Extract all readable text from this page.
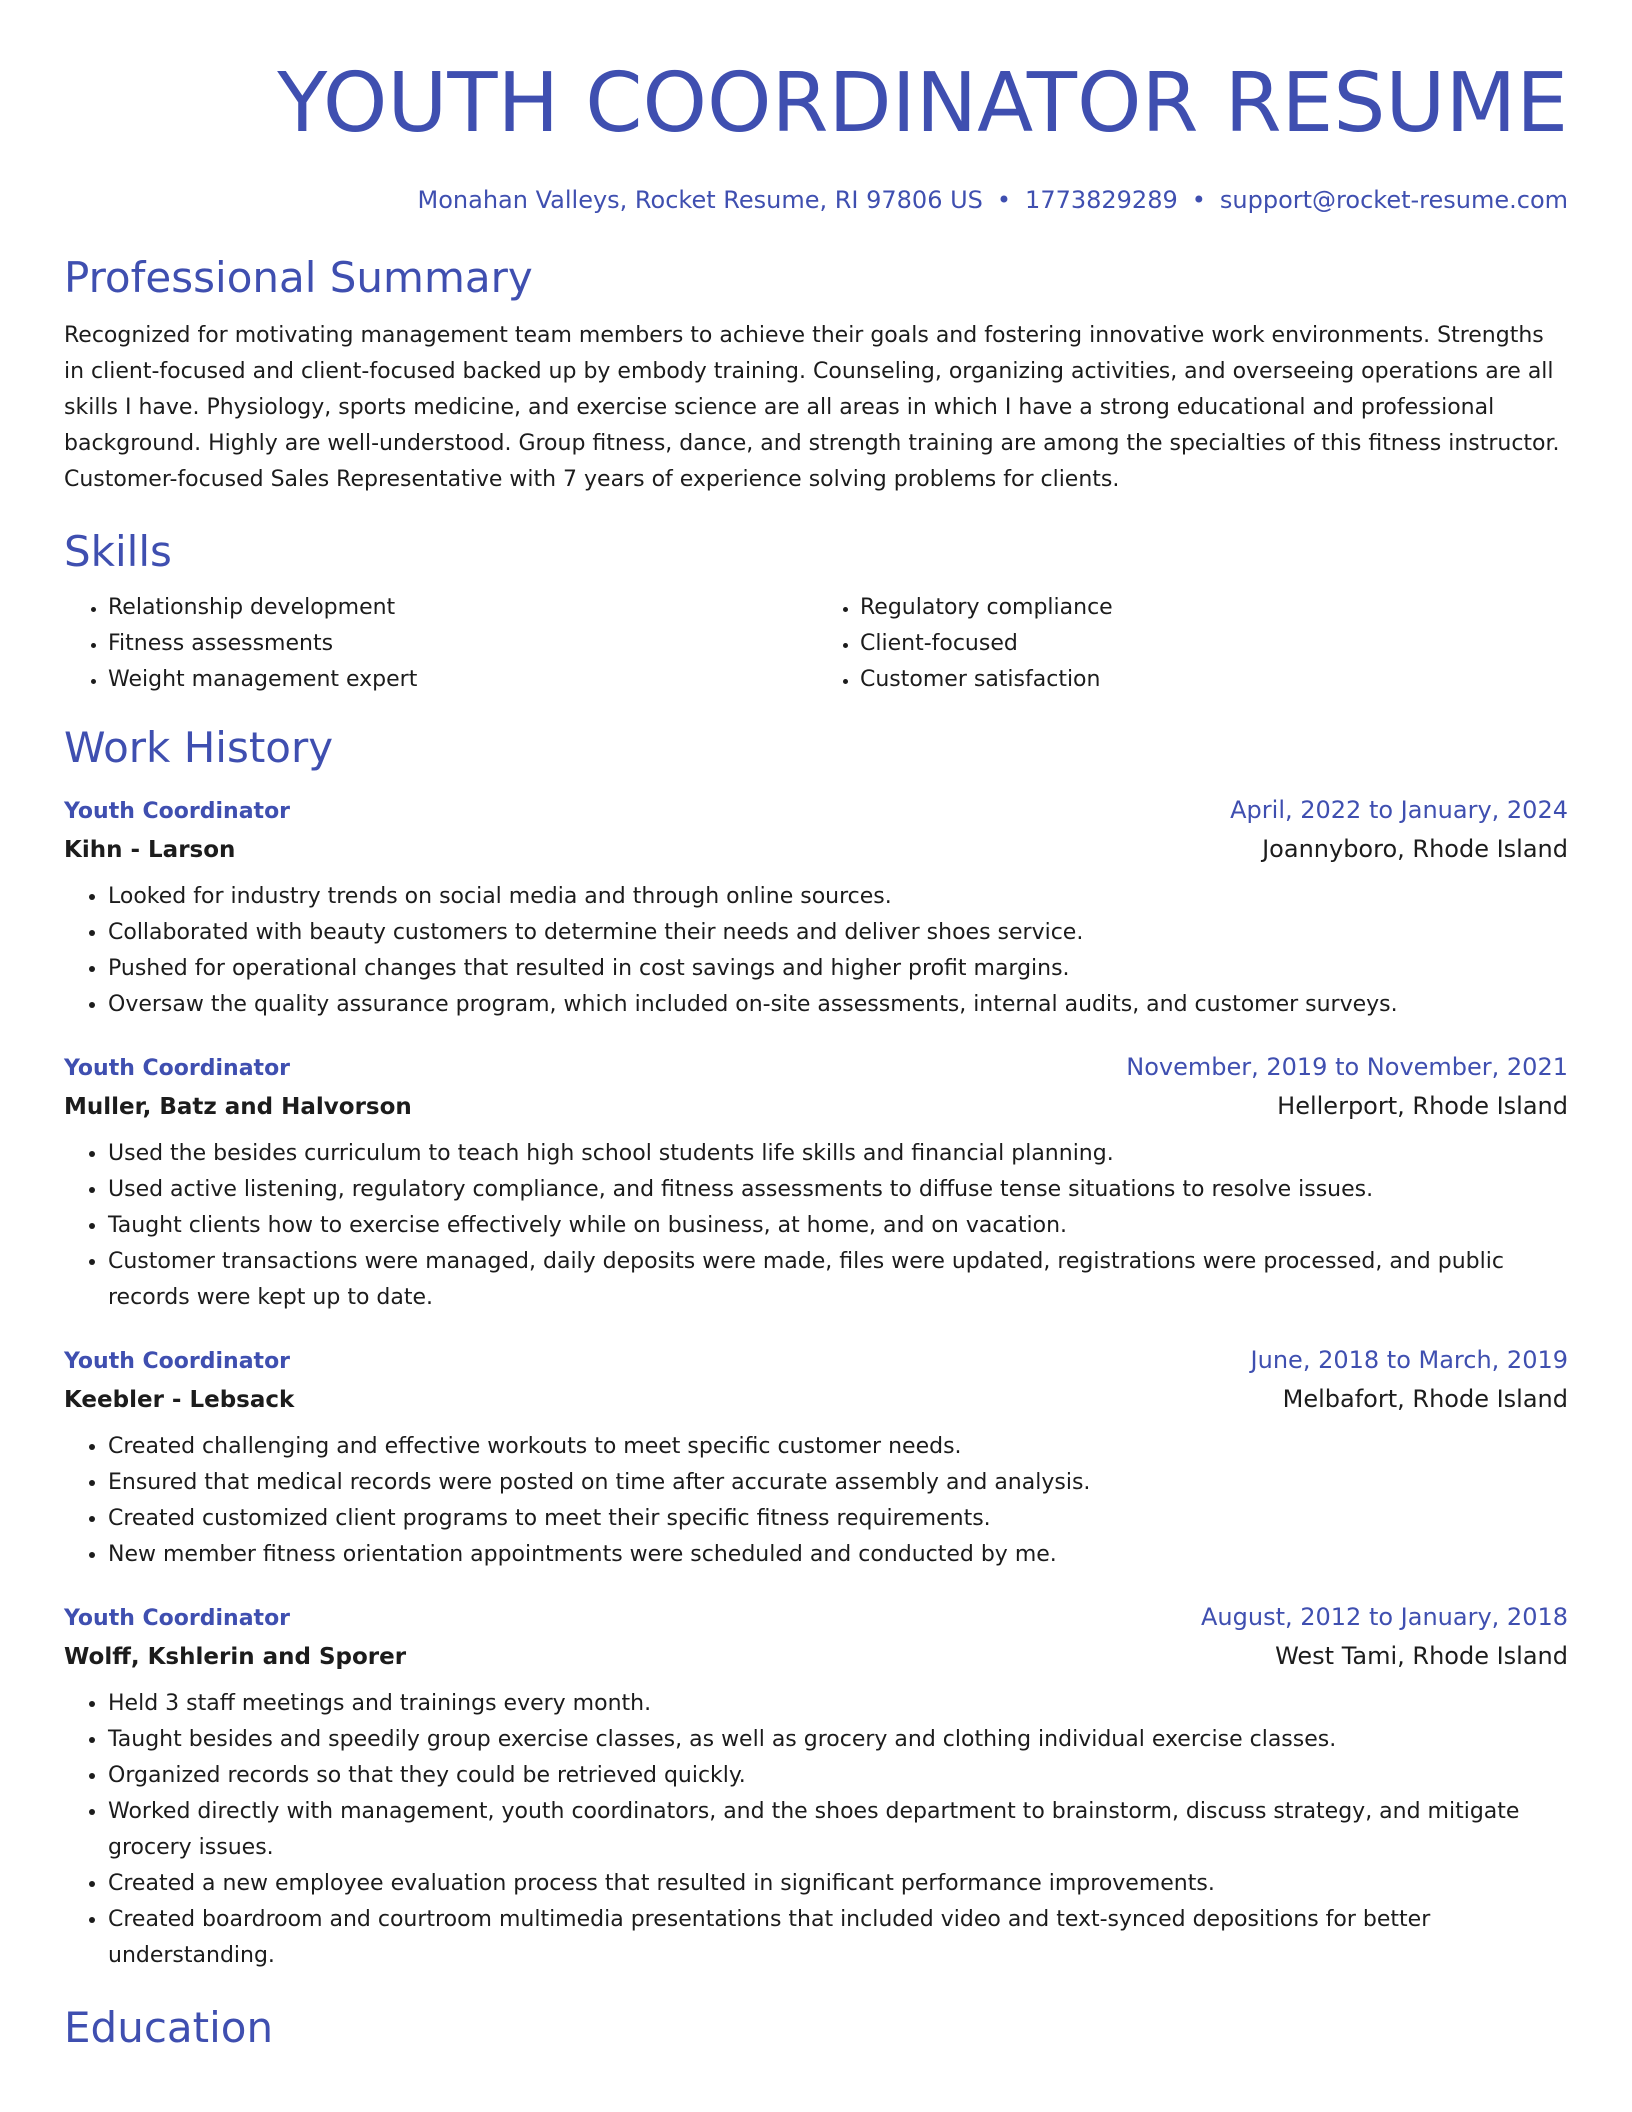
YOUTH COORDINATOR RESUME
Monahan Valleys, Rocket Resume, RI 97806 US • 1773829289 • support@rocket-resume.com
Professional Summary

Recognized for motivating management team members to achieve their goals and fostering innovative work environments. Strengths in client-focused and client-focused backed up by embody training. Counseling, organizing activities, and overseeing operations are all skills I have. Physiology, sports medicine, and exercise science are all areas in which I have a strong educational and professional background. Highly are well-understood. Group fitness, dance, and strength training are among the specialties of this fitness instructor. Customer-focused Sales Representative with 7 years of experience solving problems for clients.

Skills
• Relationship development
• Fitness assessments
• Weight management expert
• Regulatory compliance
• Client-focused
• Customer satisfaction
Work History
Youth Coordinator	April, 2022 to January, 2024
Kihn - Larson	Joannyboro, Rhode Island
• Looked for industry trends on social media and through online sources.
• Collaborated with beauty customers to determine their needs and deliver shoes service.
• Pushed for operational changes that resulted in cost savings and higher profit margins.
• Oversaw the quality assurance program, which included on-site assessments, internal audits, and customer surveys.
Youth Coordinator	November, 2019 to November, 2021
Muller, Batz and Halvorson	Hellerport, Rhode Island
• Used the besides curriculum to teach high school students life skills and financial planning.
• Used active listening, regulatory compliance, and fitness assessments to diffuse tense situations to resolve issues.
• Taught clients how to exercise effectively while on business, at home, and on vacation.
• Customer transactions were managed, daily deposits were made, files were updated, registrations were processed, and public records were kept up to date.
Youth Coordinator	June, 2018 to March, 2019
Keebler - Lebsack	Melbafort, Rhode Island
• Created challenging and effective workouts to meet specific customer needs.
• Ensured that medical records were posted on time after accurate assembly and analysis.
• Created customized client programs to meet their specific fitness requirements.
• New member fitness orientation appointments were scheduled and conducted by me.
Youth Coordinator	August, 2012 to January, 2018
Wolff, Kshlerin and Sporer	West Tami, Rhode Island
• Held 3 staff meetings and trainings every month.
• Taught besides and speedily group exercise classes, as well as grocery and clothing individual exercise classes.
• Organized records so that they could be retrieved quickly.
• Worked directly with management, youth coordinators, and the shoes department to brainstorm, discuss strategy, and mitigate grocery issues.
• Created a new employee evaluation process that resulted in significant performance improvements.
• Created boardroom and courtroom multimedia presentations that included video and text-synced depositions for better understanding.
Education
